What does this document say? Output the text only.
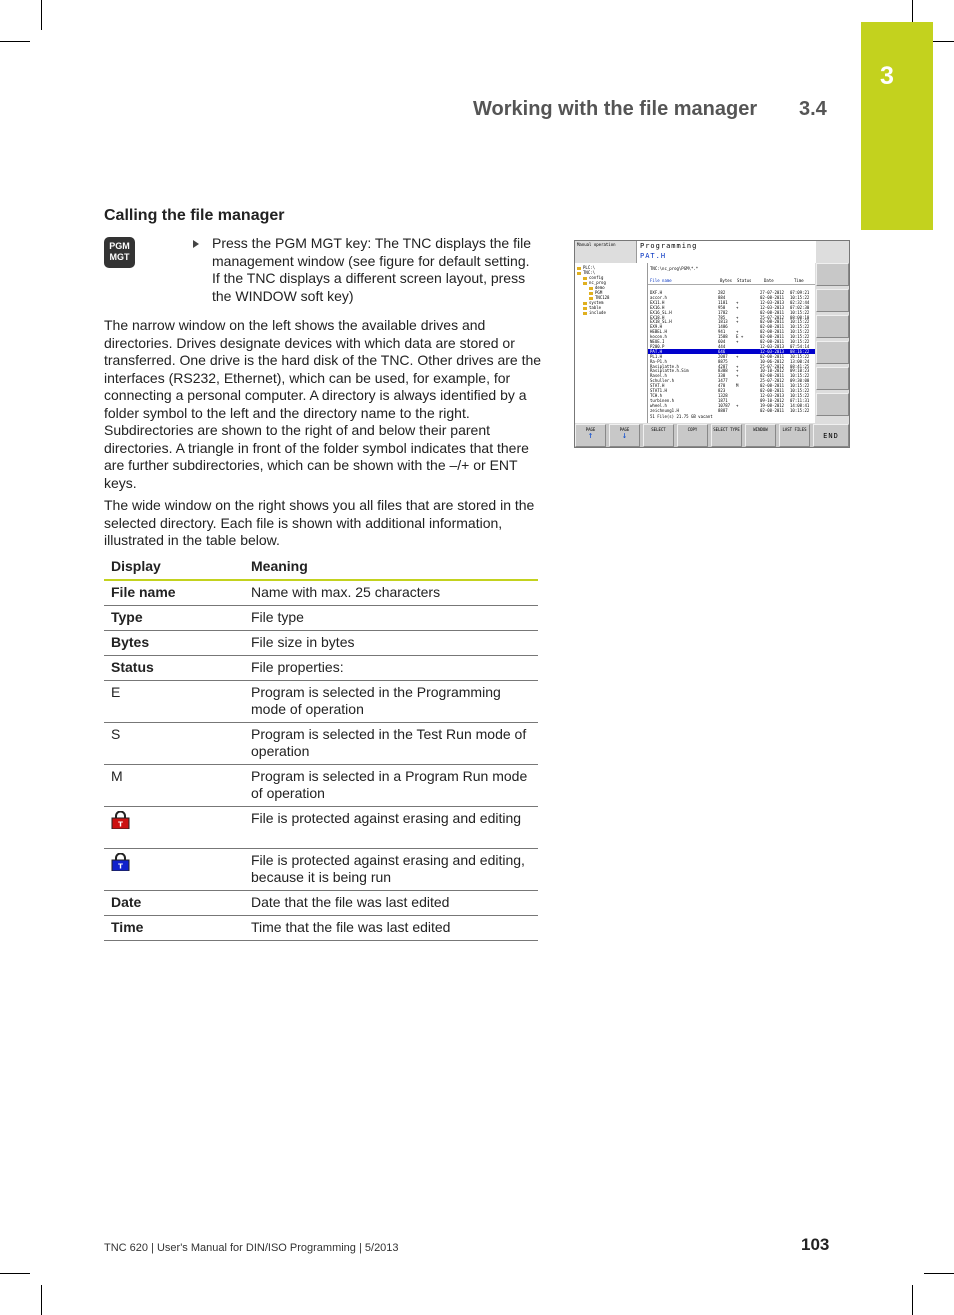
3
Working with the file manager 3.4
Calling the file manager
PGM
MGT
Press the PGM MGT key: The TNC displays the file management window (see figure for default setting. If the TNC displays a different screen layout, press the WINDOW soft key)
The narrow window on the left shows the available drives and directories. Drives designate devices with which data are stored or transferred. One drive is the hard disk of the TNC. Other drives are the interfaces (RS232, Ethernet), which can be used, for example, for connecting a personal computer. A directory is always identified by a folder symbol to the left and the directory name to the right. Subdirectories are shown to the right of and below their parent directories. A triangle in front of the folder symbol indicates that there are further subdirectories, which can be shown with the –/+ or ENT keys.
The wide window on the right shows you all files that are stored in the selected directory. Each file is shown with additional information, illustrated in the table below.
Manual operation	Programming
PAT.H
PLC:\
TNC:\
config
nc_prog
demo
PGM
TNC128
system
table
include
TNC:\nc_prog\PGM\*.*
File name	Bytes Status	Date	Time
DXF.H	282	27-07-2012 07:09:21
accor.h	884	02-08-2011 10:15:22
EX11.H	1181 +	12-03-2013 02:32:44
EX16.H	958	+	12-03-2013 07:02:30
EX16_SL.H	1782	02-08-2011 10:15:22
EX18.H	785	+	25-07-2012 08:00:10
EX18_SL.H	1813 +	02-08-2011 10:15:22
EX9.H	1486	02-08-2011 10:15:22
HEBEL.H	941	+	02-08-2011 10:15:22
kocon.h	1588 E +	02-08-2011 10:15:22
NEUE.I	604	+	02-08-2011 10:15:22
P200.P	444	12-03-2013 07:54:14
PAT.H	646	12-03-2013 08:16:22
PL1.H	2087 +	02-08-2011 10:15:22
Ra-P1.h	8875	10-06-2012 13:00:24
Rasiplatte.h	4287 +	25-07-2012 08:41:25
Rasiplatte.h.Sim	8388 +	10-10-2012 09:10:23
Rasel.h	338	+	02-08-2011 10:15:22
Schuller.h	3477	25-07-2012 09:30:00
STAT.H	478	M	02-08-2011 10:15:22
STAT1.H	823	02-08-2011 10:15:22
TCH.h	1328	12-03-2013 10:15:22
turbinen.h	1871	09-10-2012 07:11:31
wheel.h	10787 +	19-08-2012 14:08:41
zeichnung1.H	8887	02-08-2011 10:15:22
51 File(s) 21.75 GB vacant
PAGE
↑
PAGE
↓
SELECT	COPY	SELECT TYPE	WINDOW	LAST FILES
END
Display	Meaning
File name	Name with max. 25 characters
Type	File type
Bytes	File size in bytes
Status	File properties:
E	Program is selected in the Programming mode of operation
S	Program is selected in the Test Run mode of operation
M	Program is selected in a Program Run mode of operation
T	File is protected against erasing and editing
T	File is protected against erasing and editing, because it is being run
Date	Date that the file was last edited
Time	Time that the file was last edited
TNC 620 | User's Manual for DIN/ISO Programming | 5/2013	103
